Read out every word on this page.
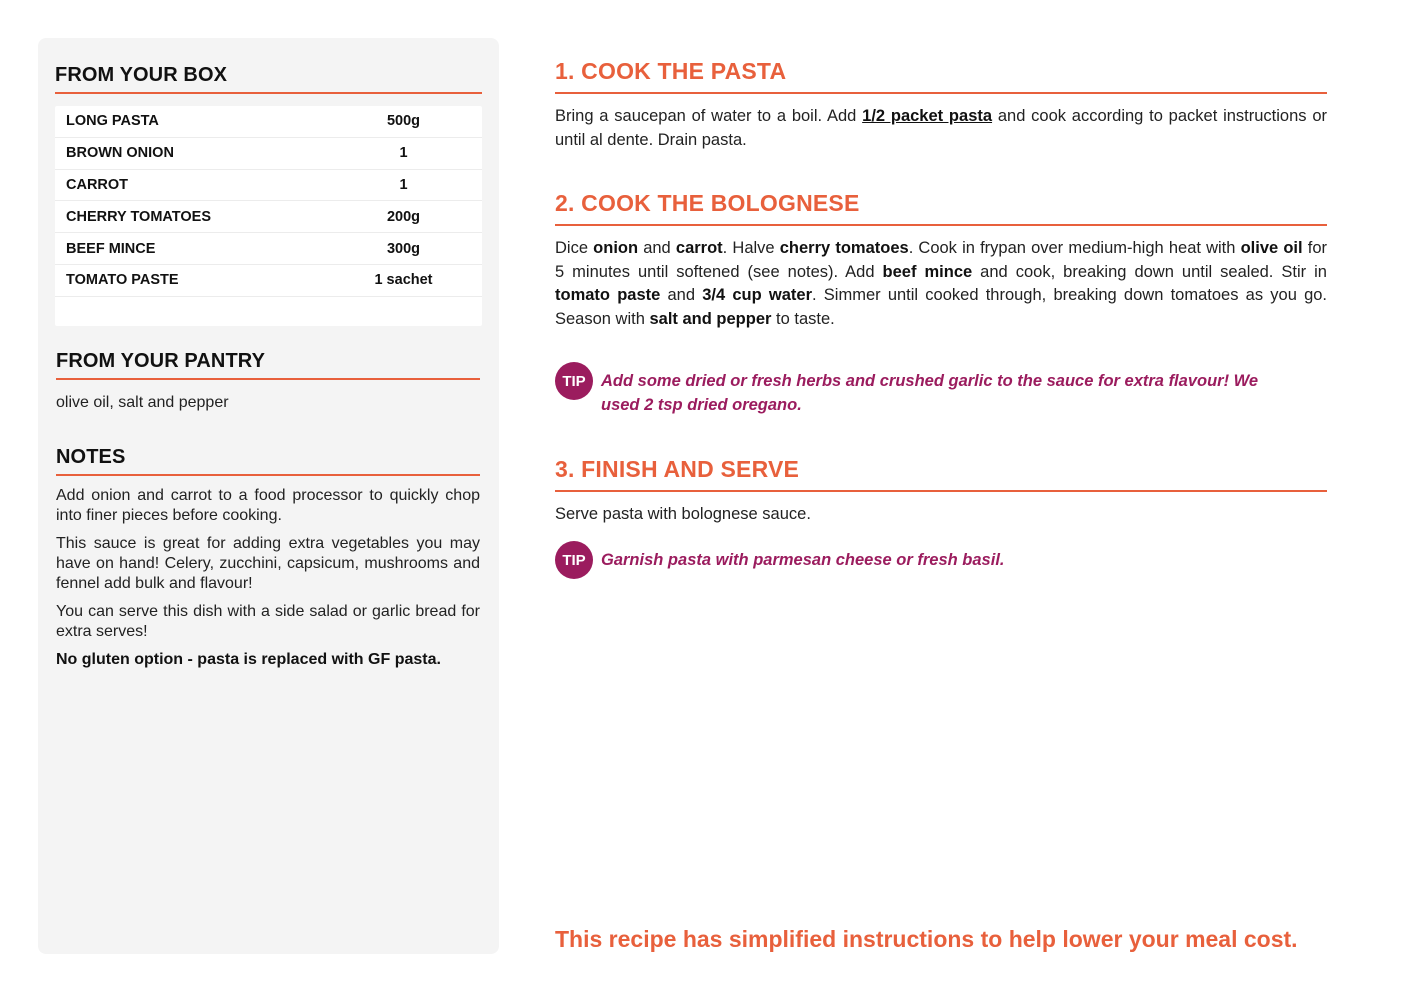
FROM YOUR BOX
LONG PASTA	500g
BROWN ONION	1
CARROT	1
CHERRY TOMATOES	200g
BEEF MINCE	300g
TOMATO PASTE	1 sachet
FROM YOUR PANTRY
olive oil, salt and pepper
NOTES

Add onion and carrot to a food processor to quickly chop into finer pieces before cooking.

This sauce is great for adding extra vegetables you may have on hand! Celery, zucchini, capsicum, mushrooms and fennel add bulk and flavour!

You can serve this dish with a side salad or garlic bread for extra serves!

No gluten option - pasta is replaced with GF pasta.

1. COOK THE PASTA
Bring a saucepan of water to a boil. Add 1/2 packet pasta and cook according to packet instructions or until al dente. Drain pasta.
2. COOK THE BOLOGNESE
Dice onion and carrot. Halve cherry tomatoes. Cook in frypan over medium-high heat with olive oil for 5 minutes until softened (see notes). Add beef mince and cook, breaking down until sealed. Stir in tomato paste and 3/4 cup water. Simmer until cooked through, breaking down tomatoes as you go. Season with salt and pepper to taste.
TIP Add some dried or fresh herbs and crushed garlic to the sauce for extra flavour! We used 2 tsp dried oregano.
3. FINISH AND SERVE
Serve pasta with bolognese sauce.
TIP Garnish pasta with parmesan cheese or fresh basil.
This recipe has simplified instructions to help lower your meal cost.
